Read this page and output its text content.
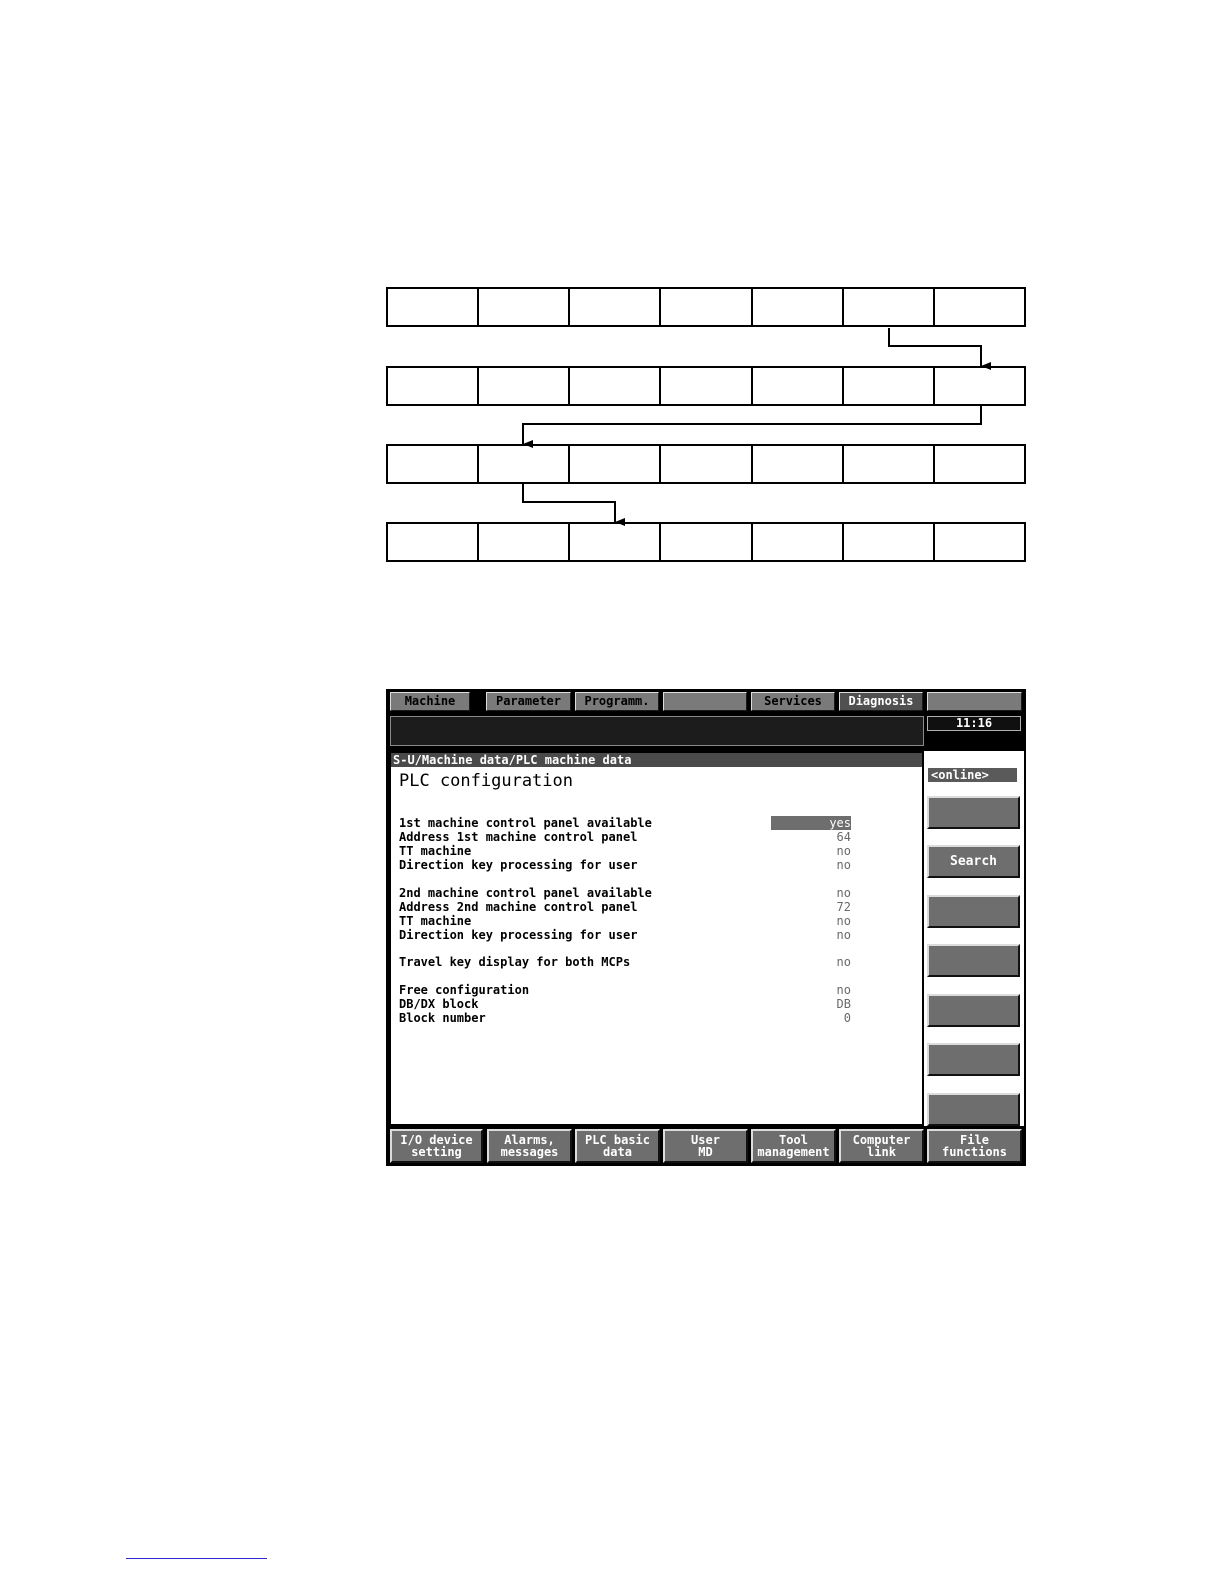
Machine	Parameter	Programm.	Services	Diagnosis
11:16
S-U/Machine data/PLC machine data
PLC configuration
1st machine control panel available	yes
Address 1st machine control panel	64
TT machine	no
Direction key processing for user	no
2nd machine control panel available	no
Address 2nd machine control panel	72
TT machine	no
Direction key processing for user	no
Travel key display for both MCPs	no
Free configuration	no
DB/DX block	DB
Block number	0
<online>
Search
I/O device
setting
Alarms,
messages
PLC basic
data
User
MD
Tool
management
Computer
link
File
functions
